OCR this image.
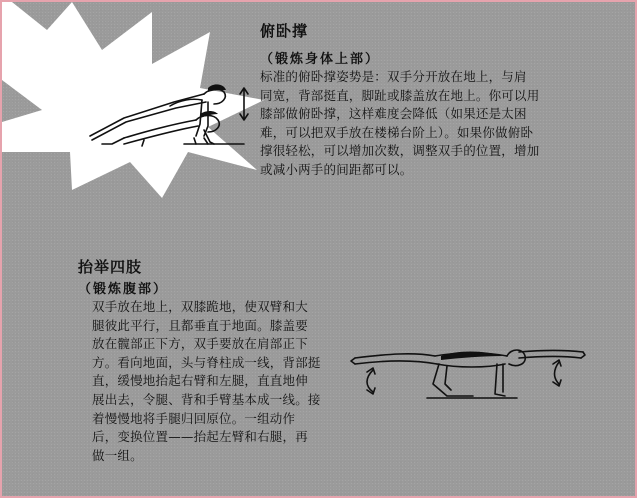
俯卧撑
（锻炼身体上部）
标准的俯卧撑姿势是：双手分开放在地上，与肩
同宽，背部挺直，脚趾或膝盖放在地上。你可以用
膝部做俯卧撑，这样难度会降低（如果还是太困
难，可以把双手放在楼梯台阶上）。如果你做俯卧
撑很轻松，可以增加次数，调整双手的位置，增加
或减小两手的间距都可以。
抬举四肢
（锻炼腹部）
双手放在地上，双膝跪地，使双臂和大
腿彼此平行，且都垂直于地面。膝盖要
放在髋部正下方，双手要放在肩部正下
方。看向地面，头与脊柱成一线，背部挺
直，缓慢地抬起右臂和左腿，直直地伸
展出去，令腿、背和手臂基本成一线。接
着慢慢地将手腿归回原位。一组动作
后，变换位置——抬起左臂和右腿，再
做一组。
